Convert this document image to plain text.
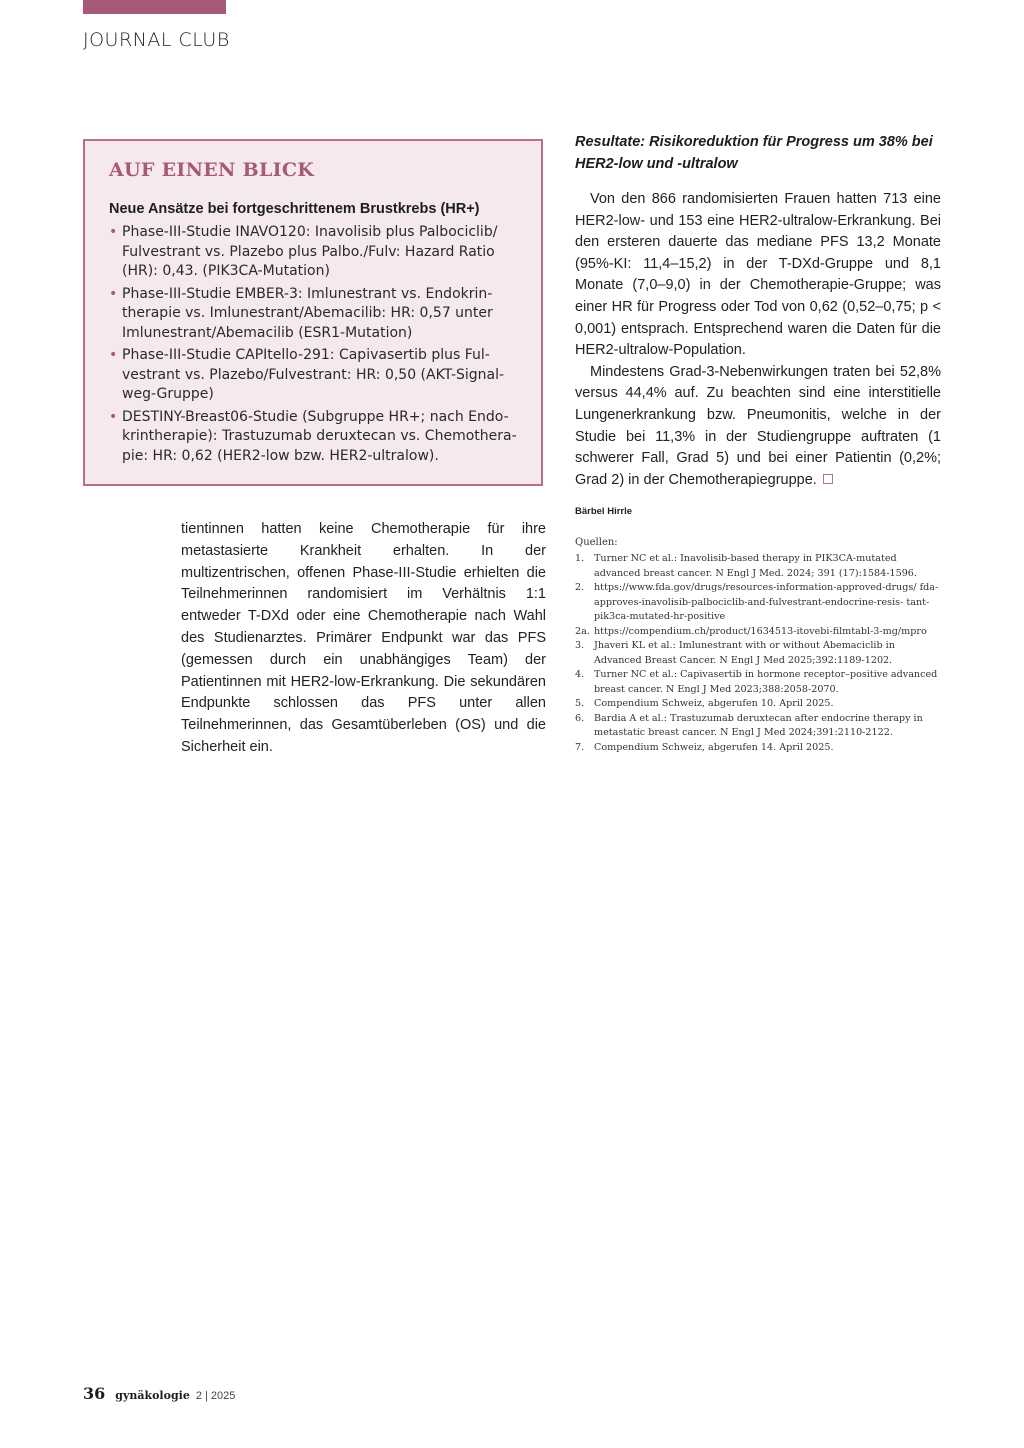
JOURNAL CLUB
AUF EINEN BLICK
Neue Ansätze bei fortgeschrittenem Brustkrebs (HR+)
• Phase-III-Studie INAVO120: Inavolisib plus Palbociclib/ Fulvestrant vs. Plazebo plus Palbo./Fulv: Hazard Ratio (HR): 0,43. (PIK3CA-Mutation)
• Phase-III-Studie EMBER-3: Imlunestrant vs. Endokrin- therapie vs. Imlunestrant/Abemacilib: HR: 0,57 unter Imlunestrant/Abemacilib (ESR1-Mutation)
• Phase-III-Studie CAPItello-291: Capivasertib plus Ful- vestrant vs. Plazebo/Fulvestrant: HR: 0,50 (AKT-Signal- weg-Gruppe)
• DESTINY-Breast06-Studie (Subgruppe HR+; nach Endo- krintherapie): Trastuzumab deruxtecan vs. Chemothera- pie: HR: 0,62 (HER2-low bzw. HER2-ultralow).

tientinnen hatten keine Chemotherapie für ihre metastasierte Krankheit erhalten. In der multizentrischen, offenen Phase-III-Studie erhielten die Teilnehmerinnen randomisiert im Verhältnis 1:1 entweder T-DXd oder eine Chemotherapie nach Wahl des Studienarztes. Primärer Endpunkt war das PFS (gemessen durch ein unabhängiges Team) der Patientinnen mit HER2-low-Erkrankung. Die sekundären Endpunkte schlossen das PFS unter allen Teilnehmerinnen, das Gesamtüberleben (OS) und die Sicherheit ein.

Resultate: Risikoreduktion für Progress um 38% bei HER2-low und -ultralow

Von den 866 randomisierten Frauen hatten 713 eine HER2-low- und 153 eine HER2-ultralow-Erkrankung. Bei den ersteren dauerte das mediane PFS 13,2 Monate (95%-KI: 11,4–15,2) in der T-DXd-Gruppe und 8,1 Monate (7,0–9,0) in der Chemotherapie-Gruppe; was einer HR für Progress oder Tod von 0,62 (0,52–0,75; p < 0,001) entsprach. Entsprechend waren die Daten für die HER2-ultralow-Population.

Mindestens Grad-3-Nebenwirkungen traten bei 52,8% versus 44,4% auf. Zu beachten sind eine interstitielle Lungenerkrankung bzw. Pneumonitis, welche in der Studie bei 11,3% in der Studiengruppe auftraten (1 schwerer Fall, Grad 5) und bei einer Patientin (0,2%; Grad 2) in der Chemotherapiegruppe.

Bärbel Hirrle

Quellen:

1. Turner NC et al.: Inavolisib-based therapy in PIK3CA-mutated advanced breast cancer. N Engl J Med. 2024; 391 (17):1584-1596.
2. https://www.fda.gov/drugs/resources-information-approved-drugs/ fda-approves-inavolisib-palbociclib-and-fulvestrant-endocrine-resis- tant-pik3ca-mutated-hr-positive
2a. https://compendium.ch/product/1634513-itovebi-filmtabl-3-mg/mpro
3. Jhaveri KL et al.: Imlunestrant with or without Abemaciclib in Advanced Breast Cancer. N Engl J Med 2025;392:1189-1202.
4. Turner NC et al.: Capivasertib in hormone receptor–positive advanced breast cancer. N Engl J Med 2023;388:2058-2070.
5. Compendium Schweiz, abgerufen 10. April 2025.
6. Bardia A et al.: Trastuzumab deruxtecan after endocrine therapy in metastatic breast cancer. N Engl J Med 2024;391:2110-2122.
7. Compendium Schweiz, abgerufen 14. April 2025.
36 gynäkologie 2 | 2025
